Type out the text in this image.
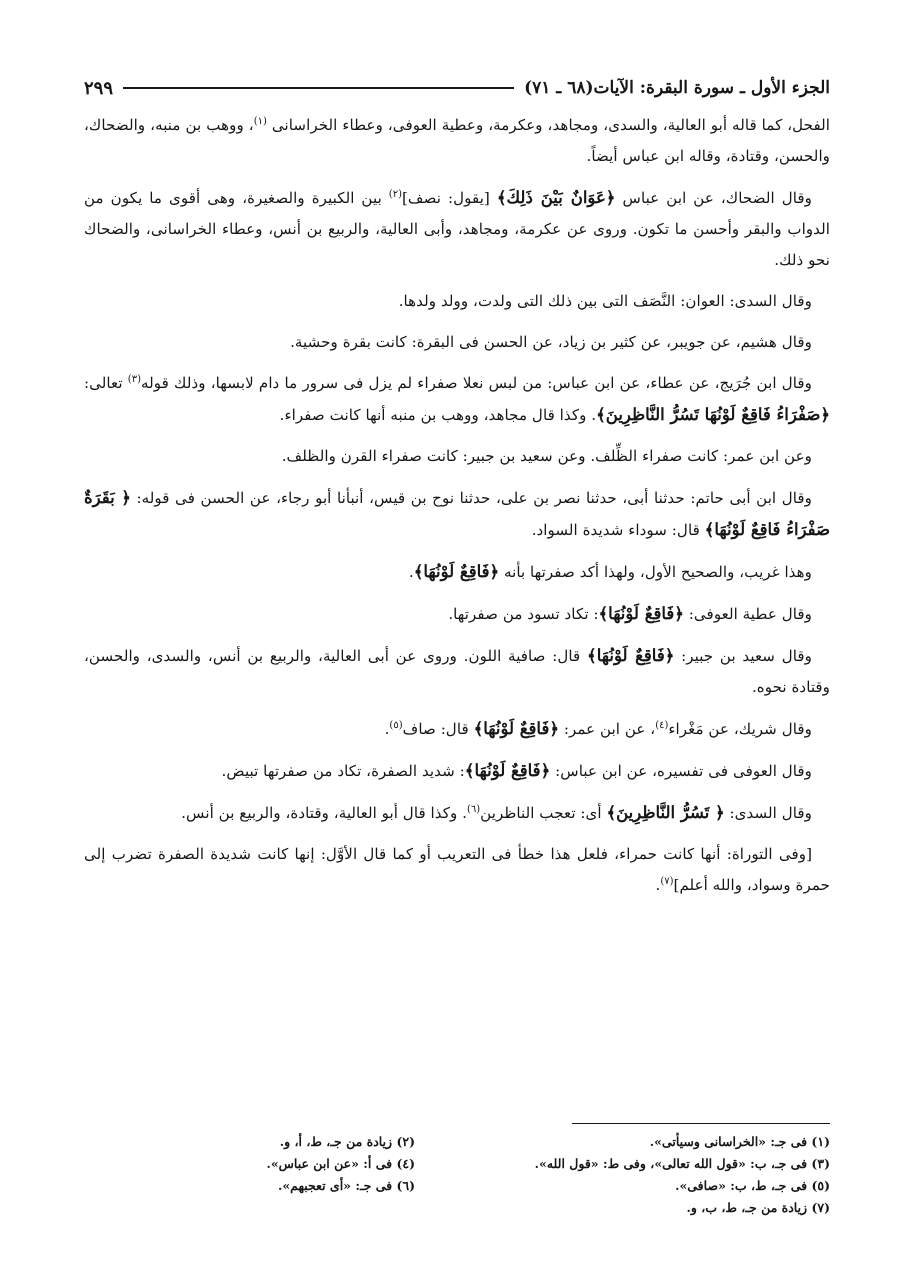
الجزء الأول ـ سورة البقرة: الآيات(٦٨ ـ ٧١)
٢٩٩

الفحل، كما قاله أبو العالية، والسدى، ومجاهد، وعكرمة، وعطية العوفى، وعطاء الخراسانى $^{(١)}$، ووهب بن منبه، والضحاك، والحسن، وقتادة، وقاله ابن عباس أيضاً.

وقال الضحاك، عن ابن عباس ﴿عَوَانٌ بَيْنَ ذَلِكَ﴾ [يقول: نصف]$^{(٢)}$ بين الكبيرة والصغيرة، وهى أقوى ما يكون من الدواب والبقر وأحسن ما تكون. وروى عن عكرمة، ومجاهد، وأبى العالية، والربيع بن أنس، وعطاء الخراسانى، والضحاك نحو ذلك.

وقال السدى: العوان: النَّصَف التى بين ذلك التى ولدت، وولد ولدها.

وقال هشيم، عن جويبر، عن كثير بن زياد، عن الحسن فى البقرة: كانت بقرة وحشية.

وقال ابن جُرَيج، عن عطاء، عن ابن عباس: من لبس نعلا صفراء لم يزل فى سرور ما دام لابسها، وذلك قوله$^{(٣)}$ تعالى: ﴿صَفْرَاءُ فَاقِعٌ لَوْنُهَا تَسُرُّ النَّاظِرِينَ﴾. وكذا قال مجاهد، ووهب بن منبه أنها كانت صفراء.

وعن ابن عمر: كانت صفراء الظِّلف. وعن سعيد بن جبير: كانت صفراء القرن والظلف.

وقال ابن أبى حاتم: حدثنا أبى، حدثنا نصر بن على، حدثنا نوح بن قيس، أنبأنا أبو رجاء، عن الحسن فى قوله: ﴿ بَقَرَةٌ صَفْرَاءُ فَاقِعٌ لَوْنُهَا﴾ قال: سوداء شديدة السواد.

وهذا غريب، والصحيح الأول، ولهذا أكد صفرتها بأنه ﴿فَاقِعٌ لَوْنُهَا﴾.

وقال عطية العوفى: ﴿فَاقِعٌ لَوْنُهَا﴾: تكاد تسود من صفرتها.

وقال سعيد بن جبير: ﴿فَاقِعٌ لَوْنُهَا﴾ قال: صافية اللون. وروى عن أبى العالية، والربيع بن أنس، والسدى، والحسن، وقتادة نحوه.

وقال شريك، عن مَغْراء$^{(٤)}$، عن ابن عمر: ﴿فَاقِعٌ لَوْنُهَا﴾ قال: صاف$^{(٥)}$.

وقال العوفى فى تفسيره، عن ابن عباس: ﴿فَاقِعٌ لَوْنُهَا﴾: شديد الصفرة، تكاد من صفرتها تبيض.

وقال السدى: ﴿ تَسُرُّ النَّاظِرِينَ﴾ أى: تعجب الناظرين$^{(٦)}$. وكذا قال أبو العالية، وقتادة، والربيع بن أنس.

[وفى التوراة: أنها كانت حمراء، فلعل هذا خطأ فى التعريب أو كما قال الأوَّل: إنها كانت شديدة الصفرة تضرب إلى حمرة وسواد، والله أعلم]$^{(٧)}$.

(١) فى جـ: «الخراسانى وسيأتى».
(٢) زيادة من جـ، ط، أ، و.
(٣) فى جـ، ب: «قول الله تعالى»، وفى ط: «قول الله».
(٤) فى أ: «عن ابن عباس».
(٥) فى جـ، ط، ب: «صافى».
(٦) فى جـ: «أى تعجبهم».
(٧) زيادة من جـ، ط، ب، و.
